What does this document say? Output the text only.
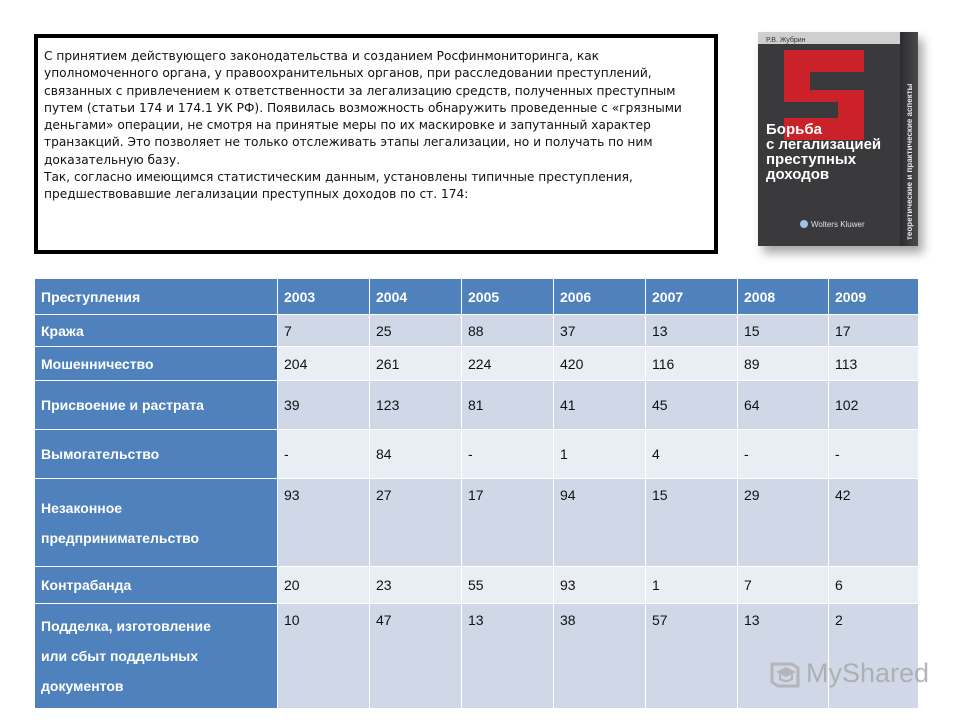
С принятием действующего законодательства и созданием Росфинмониторинга, как уполномоченного органа, у правоохранительных органов, при расследовании преступлений, связанных с привлечением к ответственности за легализацию средств, полученных преступным путем (статьи 174 и 174.1 УК РФ). Появилась возможность обнаружить проведенные с «грязными деньгами» операции, не смотря на принятые меры по их маскировке и запутанный характер транзакций. Это позволяет не только отслеживать этапы легализации, но и получать по ним доказательную базу.

Так, согласно имеющимся статистическим данным, установлены типичные преступления, предшествовавшие легализации преступных доходов по ст. 174:

Р.В. Жубрин
теоретические и практические аспекты
Борьба с легализацией преступных доходов
Wolters Kluwer
Преступления	2003	2004	2005	2006	2007	2008	2009
Кража	7	25	88	37	13	15	17
Мошенничество	204	261	224	420	116	89	113
Присвоение и растрата	39	123	81	41	45	64	102
Вымогательство	-	84	-	1	4	-	-

Незаконное
предпринимательство	93	27	17	94	15	29	42
Контрабанда	20	23	55	93	1	7	6

Подделка, изготовление
или сбыт поддельных
документов	10	47	13	38	57	13	2
MyShared
